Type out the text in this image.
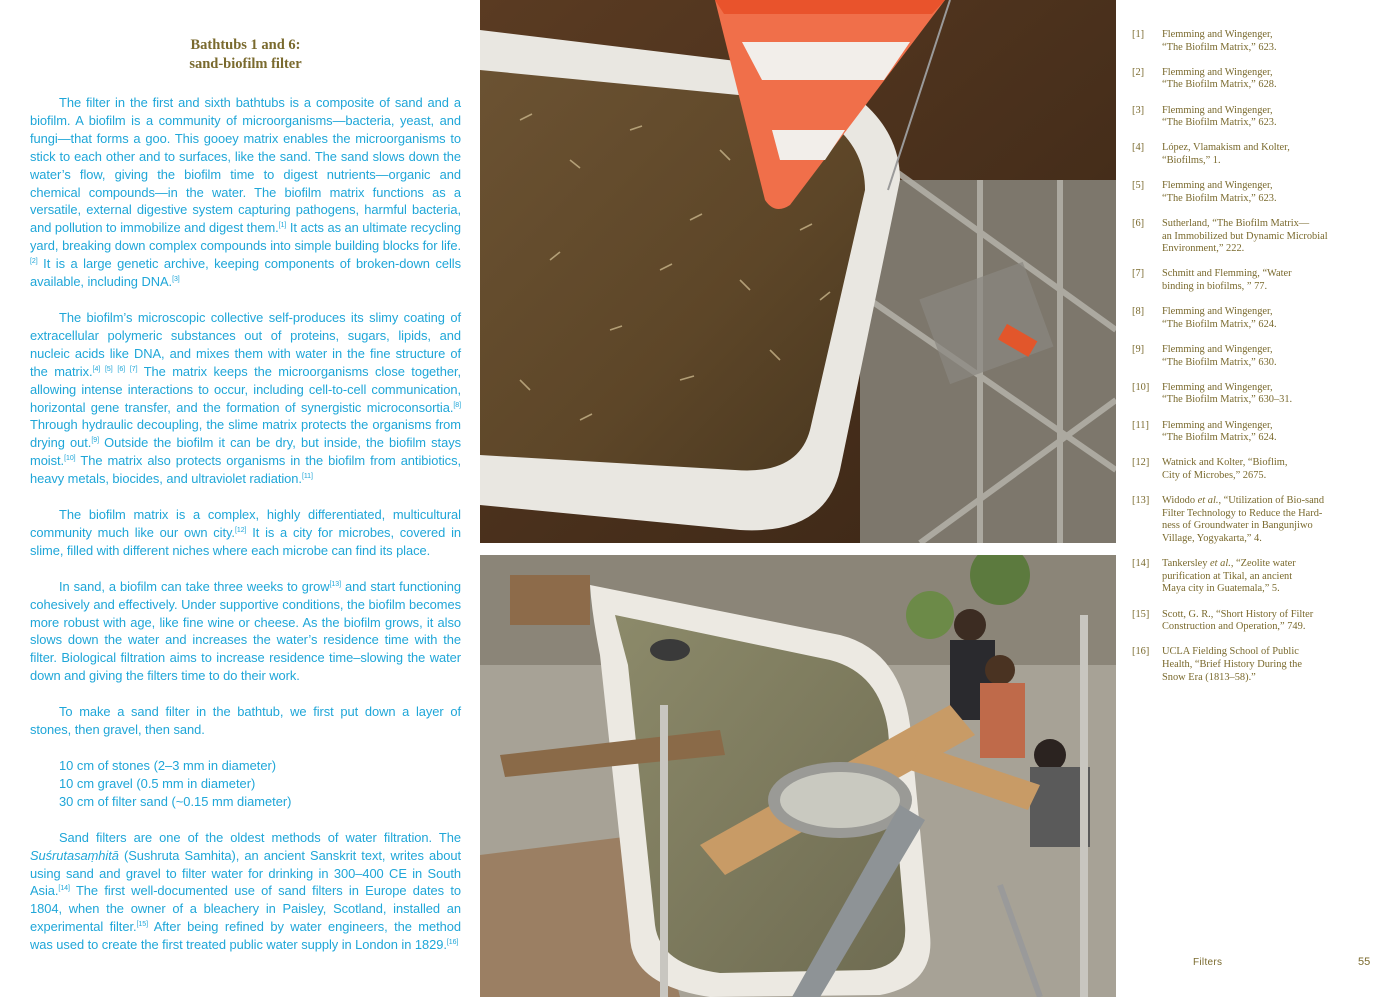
Bathtubs 1 and 6:
sand-biofilm filter

The filter in the first and sixth bathtubs is a composite of sand and a biofilm. A biofilm is a community of microorganisms—bacteria, yeast, and fungi—that forms a goo. This gooey matrix enables the microorganisms to stick to each other and to surfaces, like the sand. The sand slows down the water’s flow, giving the biofilm time to digest nutrients—organic and chemical compounds—in the water. The biofilm matrix functions as a versatile, external digestive system capturing pathogens, harmful bacteria, and pollution to immobilize and digest them.[1] It acts as an ultimate recycling yard, breaking down complex compounds into simple building blocks for life.[2] It is a large genetic archive, keeping components of broken-down cells available, including DNA.[3]

The biofilm’s microscopic collective self-produces its slimy coating of extracellular polymeric substances out of proteins, sugars, lipids, and nucleic acids like DNA, and mixes them with water in the fine structure of the matrix.[4] [5] [6] [7] The matrix keeps the microorganisms close together, allowing intense interactions to occur, including cell-to-cell communication, horizontal gene transfer, and the formation of synergistic microconsortia.[8] Through hydraulic decoupling, the slime matrix protects the organisms from drying out.[9] Outside the biofilm it can be dry, but inside, the biofilm stays moist.[10] The matrix also protects organisms in the biofilm from antibiotics, heavy metals, biocides, and ultraviolet radiation.[11]

The biofilm matrix is a complex, highly differentiated, multicultural community much like our own city.[12] It is a city for microbes, covered in slime, filled with different niches where each microbe can find its place.

In sand, a biofilm can take three weeks to grow[13] and start functioning cohesively and effectively. Under supportive conditions, the biofilm becomes more robust with age, like fine wine or cheese. As the biofilm grows, it also slows down the water and increases the water’s residence time with the filter. Biological filtration aims to increase residence time–slowing the water down and giving the filters time to do their work.

To make a sand filter in the bathtub, we first put down a layer of stones, then gravel, then sand.

10 cm of stones (2–3 mm in diameter)
10 cm gravel (0.5 mm in diameter)
30 cm of filter sand (~0.15 mm diameter)

Sand filters are one of the oldest methods of water filtration. The Suśrutasaṃhitā (Sushruta Samhita), an ancient Sanskrit text, writes about using sand and gravel to filter water for drinking in 300–400 CE in South Asia.[14] The first well-documented use of sand filters in Europe dates to 1804, when the owner of a bleachery in Paisley, Scotland, installed an experimental filter.[15] After being refined by water engineers, the method was used to create the first treated public water supply in London in 1829.[16]

[1]	Flemming and Wingenger,
“The Biofilm Matrix,” 623.
[2]	Flemming and Wingenger,
“The Biofilm Matrix,” 628.
[3]	Flemming and Wingenger,
“The Biofilm Matrix,” 623.
[4]	López, Vlamakism and Kolter,
“Biofilms,” 1.
[5]	Flemming and Wingenger,
“The Biofilm Matrix,” 623.
[6]	Sutherland, “The Biofilm Matrix—
an Immobilized but Dynamic Microbial
Environment,” 222.
[7]	Schmitt and Flemming, “Water
binding in biofilms, ” 77.
[8]	Flemming and Wingenger,
“The Biofilm Matrix,” 624.
[9]	Flemming and Wingenger,
“The Biofilm Matrix,” 630.
[10]	Flemming and Wingenger,
“The Biofilm Matrix,” 630–31.
[11]	Flemming and Wingenger,
“The Biofilm Matrix,” 624.
[12]	Watnick and Kolter, “Bioflim,
City of Microbes,” 2675.
[13]	Widodo et al., “Utilization of Bio-sand
Filter Technology to Reduce the Hard-
ness of Groundwater in Bangunjiwo
Village, Yogyakarta,” 4.
[14]	Tankersley et al., “Zeolite water
purification at Tikal, an ancient
Maya city in Guatemala,” 5.
[15]	Scott, G. R., “Short History of Filter
Construction and Operation,” 749.
[16]	UCLA Fielding School of Public
Health, “Brief History During the
Snow Era (1813–58).”
Filters	55
